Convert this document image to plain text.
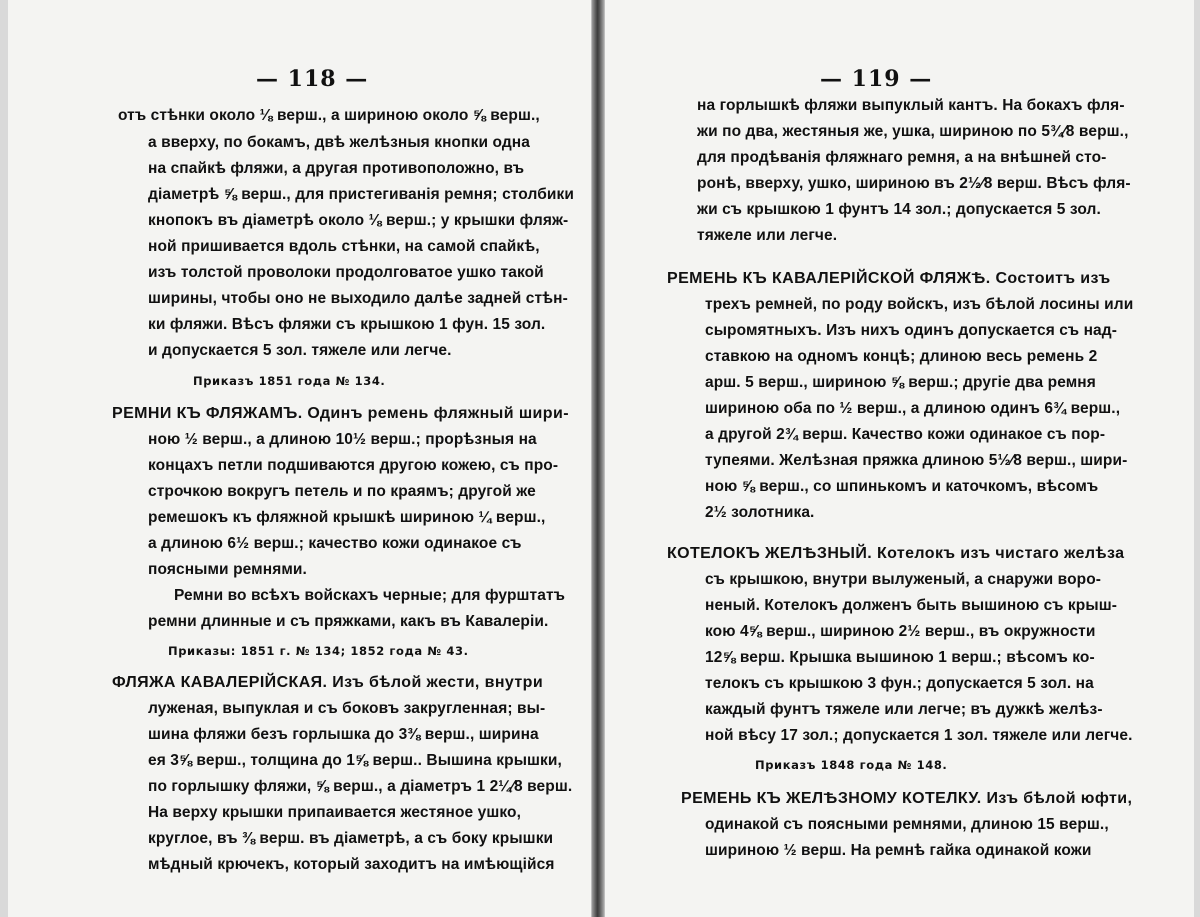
— 118 —
отъ стѣнки около ⅛ верш., а шириною около ⅝ верш.,
а вверху, по бокамъ, двѣ желѣзныя кнопки одна
на спайкѣ фляжи, а другая противоположно, въ
діаметрѣ ⅝ верш., для пристегиванія ремня; столбики
кнопокъ въ діаметрѣ около ⅛ верш.; у крышки фляж-
ной пришивается вдоль стѣнки, на самой спайкѣ,
изъ толстой проволоки продолговатое ушко такой
ширины, чтобы оно не выходило далѣе задней стѣн-
ки фляжи. Вѣсъ фляжи съ крышкою 1 фун. 15 зол.
и допускается 5 зол. тяжеле или легче.
Приказъ 1851 года № 134.
РЕМНИ КЪ ФЛЯЖАМЪ. Одинъ ремень фляжный шири-
ною ½ верш., а длиною 10½ верш.; прорѣзныя на
концахъ петли подшиваются другою кожею, съ про-
строчкою вокругъ петель и по краямъ; другой же
ремешокъ къ фляжной крышкѣ шириною ¼ верш.,
а длиною 6½ верш.; качество кожи одинакое съ
поясными ремнями.
Ремни во всѣхъ войскахъ черные; для фурштатъ
ремни длинные и съ пряжками, какъ въ Кавалеріи.
Приказы: 1851 г. № 134; 1852 года № 43.
ФЛЯЖА КАВАЛЕРІЙСКАЯ. Изъ бѣлой жести, внутри
луженая, выпуклая и съ боковъ закругленная; вы-
шина фляжи безъ горлышка до 3⅜ верш., ширина
ея 3⅝ верш., толщина до 1⅝ верш.. Вышина крышки,
по горлышку фляжи, ⅝ верш., а діаметръ 1 2¼⁄8 верш.
На верху крышки припаивается жестяное ушко,
круглое, въ ⅜ верш. въ діаметрѣ, а съ боку крышки
мѣдный крючекъ, который заходитъ на имѣющійся
— 119 —
на горлышкѣ фляжи выпуклый кантъ. На бокахъ фля-
жи по два, жестяныя же, ушка, шириною по 5¾⁄8 верш.,
для продѣванія фляжнаго ремня, а на внѣшней сто-
ронѣ, вверху, ушко, шириною въ 2½⁄8 верш. Вѣсъ фля-
жи съ крышкою 1 фунтъ 14 зол.; допускается 5 зол.
тяжеле или легче.
РЕМЕНЬ КЪ КАВАЛЕРІЙСКОЙ ФЛЯЖѢ. Состоитъ изъ
трехъ ремней, по роду войскъ, изъ бѣлой лосины или
сыромятныхъ. Изъ нихъ одинъ допускается съ над-
ставкою на одномъ концѣ; длиною весь ремень 2
арш. 5 верш., шириною ⅝ верш.; другіе два ремня
шириною оба по ½ верш., а длиною одинъ 6¾ верш.,
а другой 2¾ верш. Качество кожи одинакое съ пор-
тупеями. Желѣзная пряжка длиною 5½⁄8 верш., шири-
ною ⅝ верш., со шпинькомъ и каточкомъ, вѣсомъ
2½ золотника.
КОТЕЛОКЪ ЖЕЛѢЗНЫЙ. Котелокъ изъ чистаго желѣза
съ крышкою, внутри вылуженый, а снаружи воро-
неный. Котелокъ долженъ быть вышиною съ крыш-
кою 4⅝ верш., шириною 2½ верш., въ окружности
12⅝ верш. Крышка вышиною 1 верш.; вѣсомъ ко-
телокъ съ крышкою 3 фун.; допускается 5 зол. на
каждый фунтъ тяжеле или легче; въ дужкѣ желѣз-
ной вѣсу 17 зол.; допускается 1 зол. тяжеле или легче.
Приказъ 1848 года № 148.
РЕМЕНЬ КЪ ЖЕЛѢЗНОМУ КОТЕЛКУ. Изъ бѣлой юфти,
одинакой съ поясными ремнями, длиною 15 верш.,
шириною ½ верш. На ремнѣ гайка одинакой кожи
